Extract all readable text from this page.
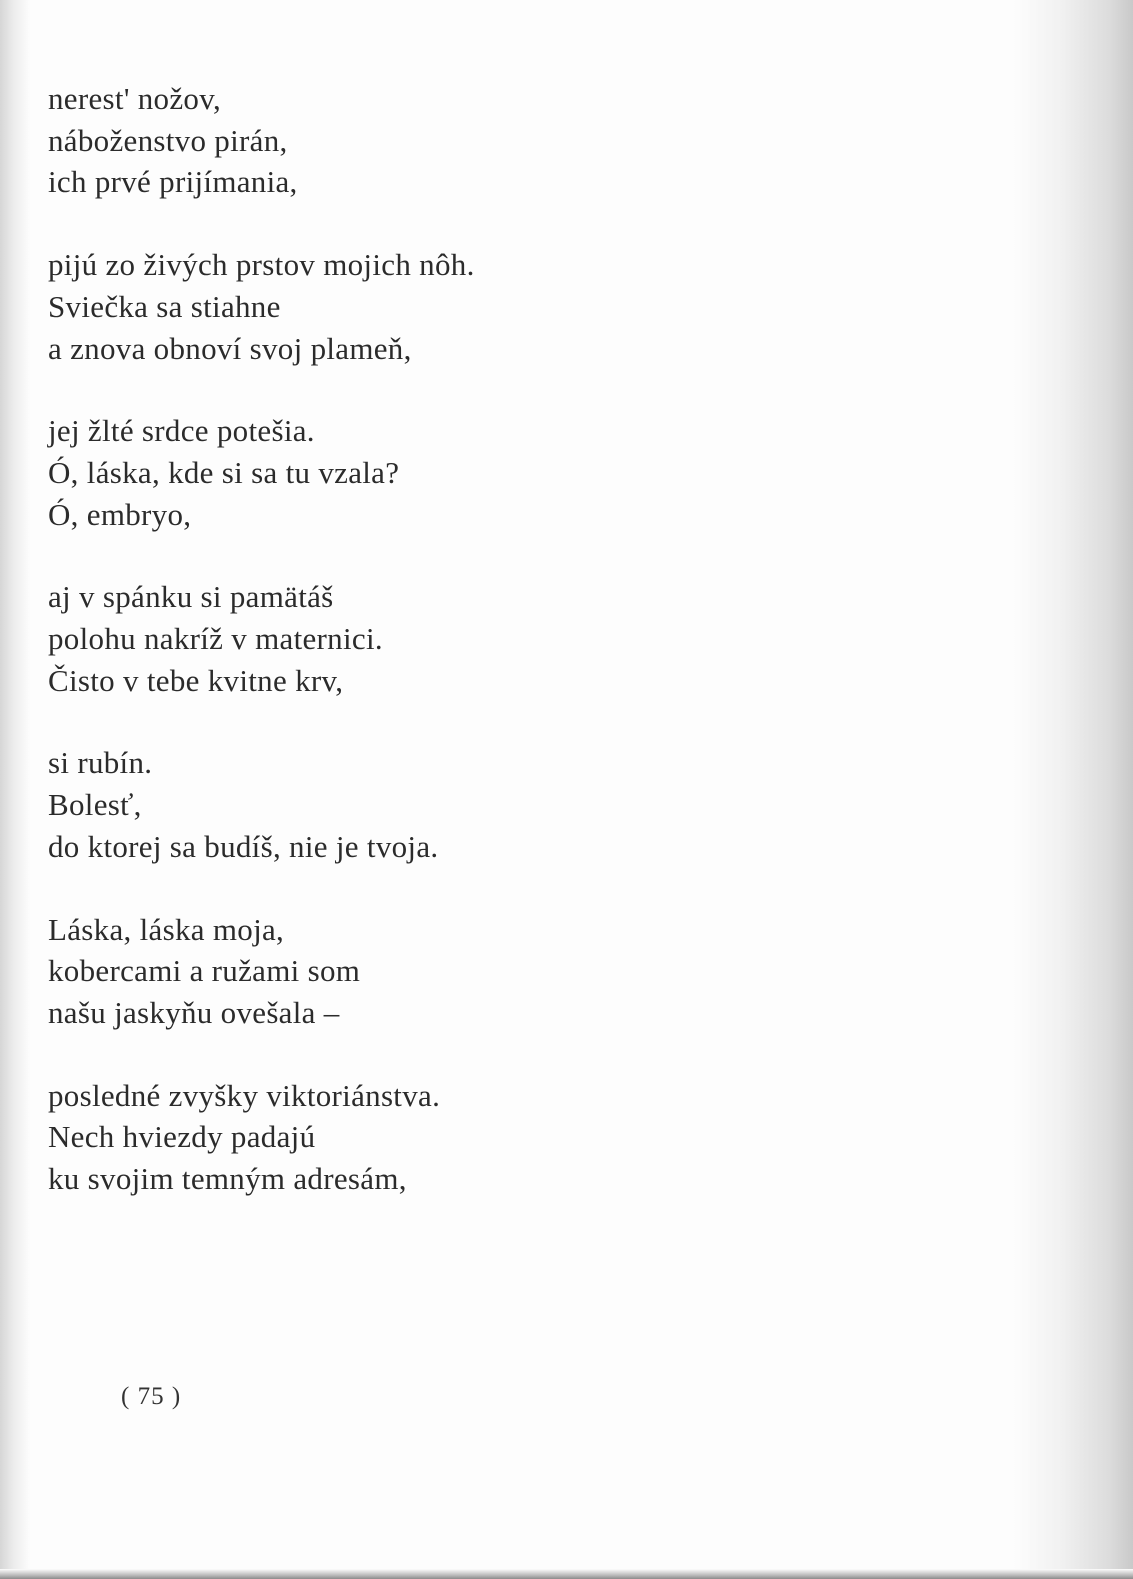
nerest' nožov,
náboženstvo pirán,
ich prvé prijímania,
pijú zo živých prstov mojich nôh.
Sviečka sa stiahne
a znova obnoví svoj plameň,
jej žlté srdce potešia.
Ó, láska, kde si sa tu vzala?
Ó, embryo,
aj v spánku si pamätáš
polohu nakríž v maternici.
Čisto v tebe kvitne krv,
si rubín.
Bolesť,
do ktorej sa budíš, nie je tvoja.
Láska, láska moja,
kobercami a ružami som
našu jaskyňu ovešala –
posledné zvyšky viktoriánstva.
Nech hviezdy padajú
ku svojim temným adresám,
( 75 )
